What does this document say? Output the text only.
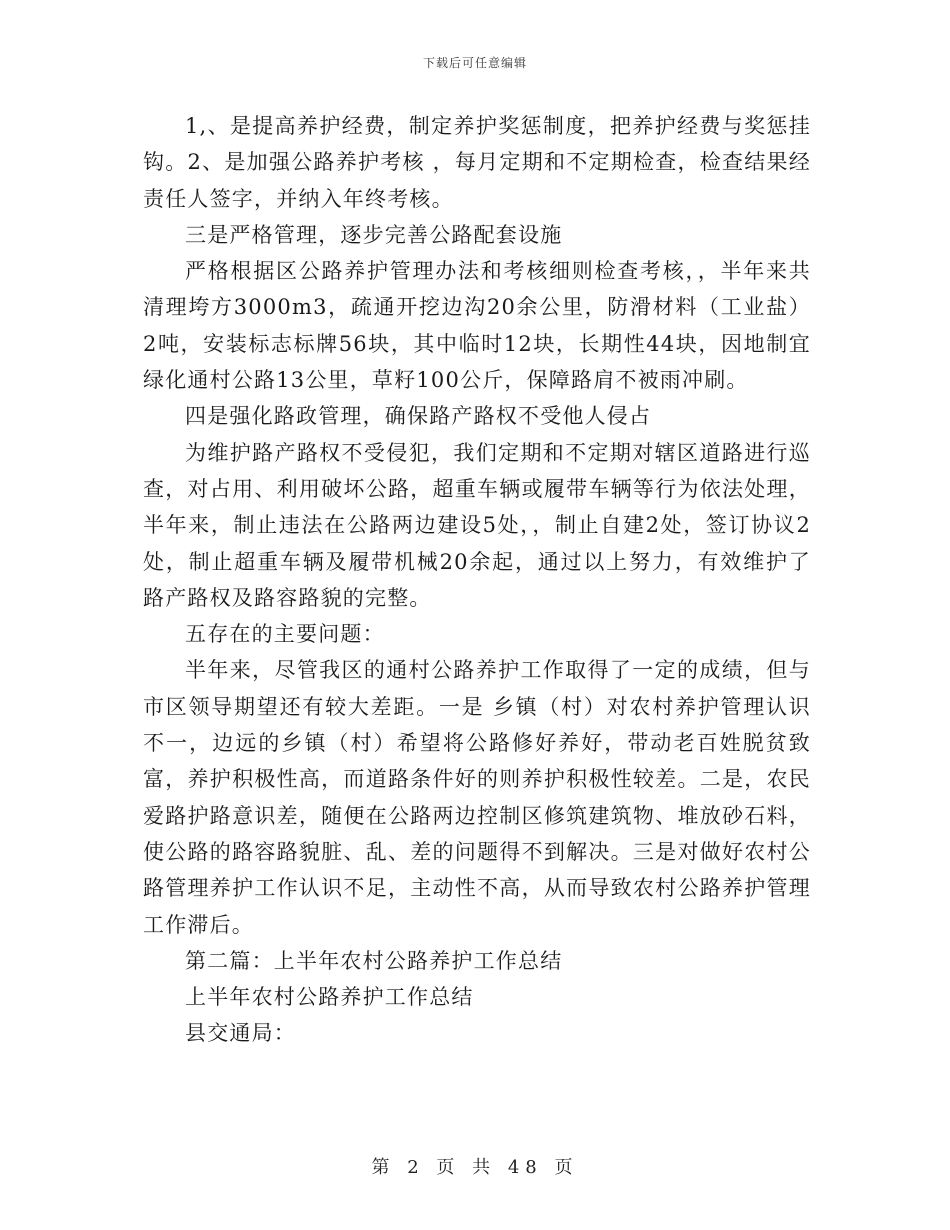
下载后可任意编辑

1,、是提高养护经费，制定养护奖惩制度，把养护经费与奖惩挂钩。2、是加强公路养护考核 ，每月定期和不定期检查，检查结果经责任人签字，并纳入年终考核。

三是严格管理，逐步完善公路配套设施

严格根据区公路养护管理办法和考核细则检查考核，，半年来共清理垮方3000m3，疏通开挖边沟20余公里，防滑材料（工业盐）2吨，安装标志标牌56块，其中临时12块，长期性44块，因地制宜绿化通村公路13公里，草籽100公斤，保障路肩不被雨冲刷。

四是强化路政管理，确保路产路权不受他人侵占

为维护路产路权不受侵犯，我们定期和不定期对辖区道路进行巡查，对占用、利用破坏公路，超重车辆或履带车辆等行为依法处理，半年来，制止违法在公路两边建设5处，，制止自建2处，签订协议2处，制止超重车辆及履带机械20余起，通过以上努力，有效维护了路产路权及路容路貌的完整。

五存在的主要问题：

半年来，尽管我区的通村公路养护工作取得了一定的成绩，但与市区领导期望还有较大差距。一是 乡镇（村）对农村养护管理认识不一，边远的乡镇（村）希望将公路修好养好，带动老百姓脱贫致富，养护积极性高，而道路条件好的则养护积极性较差。二是，农民爱路护路意识差，随便在公路两边控制区修筑建筑物、堆放砂石料，使公路的路容路貌脏、乱、差的问题得不到解决。三是对做好农村公路管理养护工作认识不足，主动性不高，从而导致农村公路养护管理工作滞后。

第二篇：上半年农村公路养护工作总结

上半年农村公路养护工作总结

县交通局：

第 2 页 共 48 页
